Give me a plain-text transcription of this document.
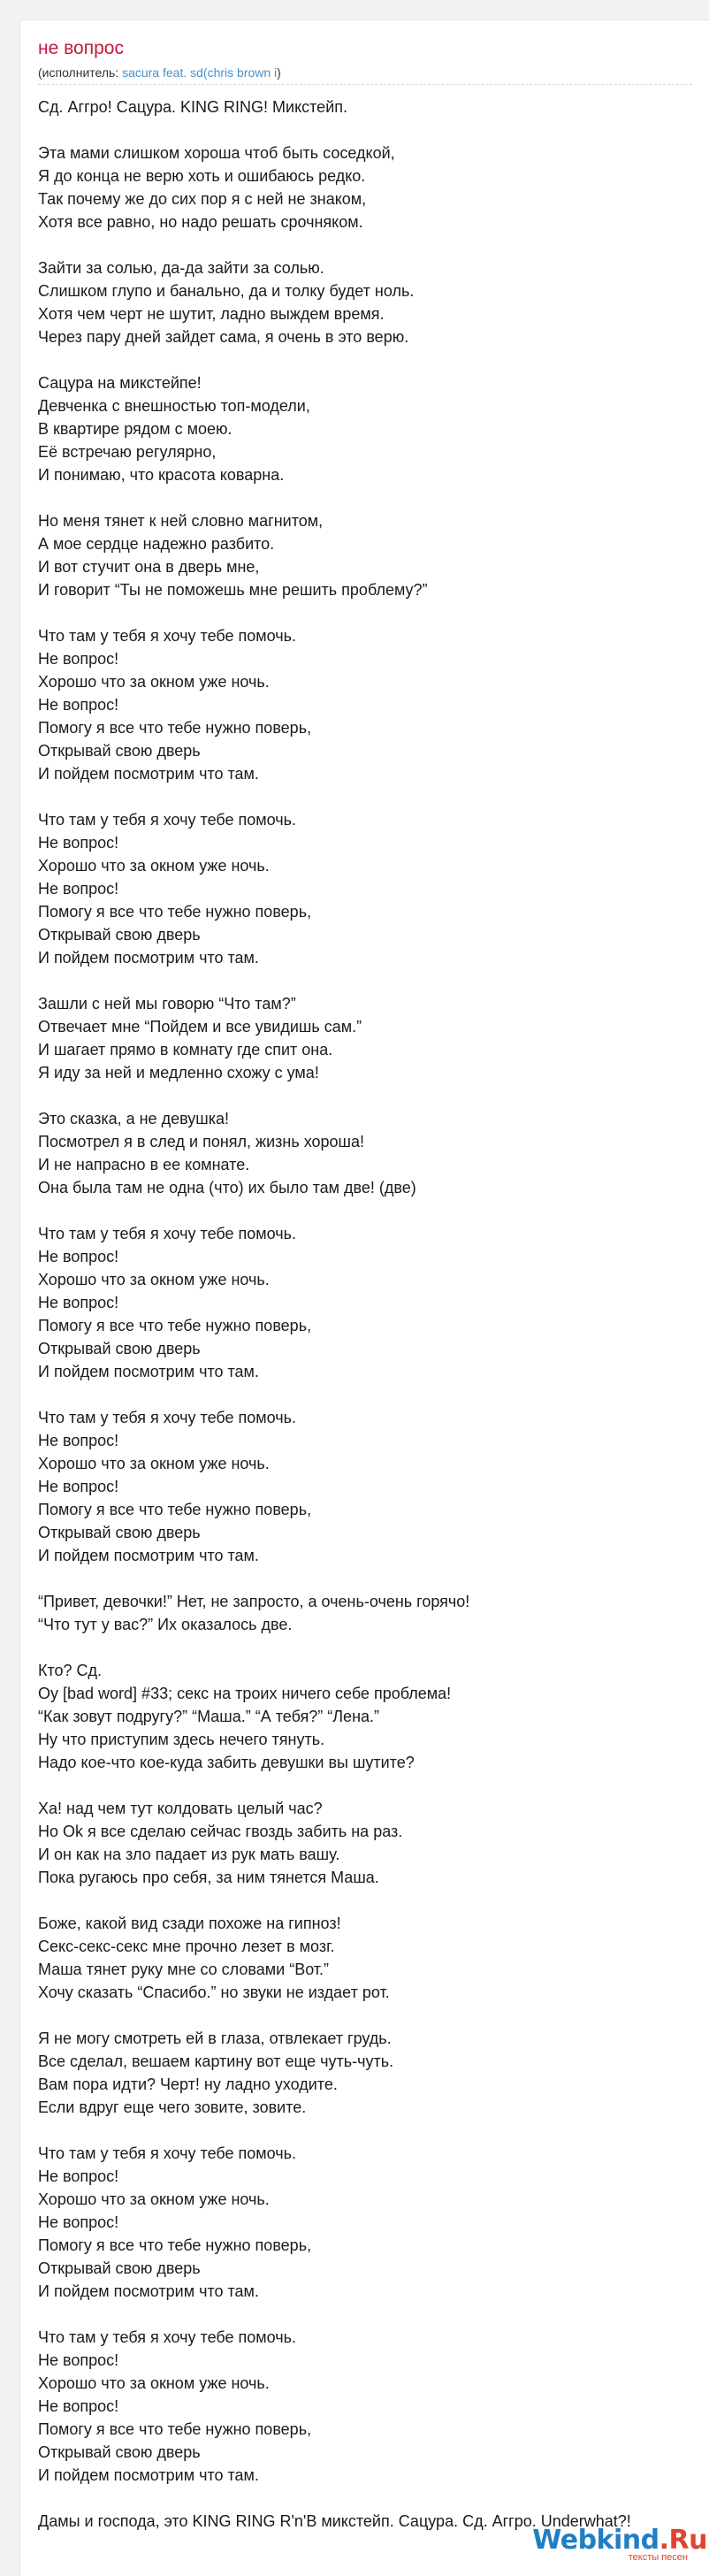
не вопрос
(исполнитель: sacura feat. sd(chris brown i)
Сд. Аггро! Сацура. KING RING! Микстейп.
Эта мами слишком хороша чтоб быть соседкой,
Я до конца не верю хоть и ошибаюсь редко.
Так почему же до сих пор я с ней не знаком,
Хотя все равно, но надо решать срочняком.
Зайти за солью, да-да зайти за солью.
Слишком глупо и банально, да и толку будет ноль.
Хотя чем черт не шутит, ладно выждем время.
Через пару дней зайдет сама, я очень в это верю.
Сацура на микстейпе!
Девченка с внешностью топ-модели,
В квартире рядом с моею.
Её встречаю регулярно,
И понимаю, что красота коварна.
Но меня тянет к ней словно магнитом,
А мое сердце надежно разбито.
И вот стучит она в дверь мне,
И говорит “Ты не поможешь мне решить проблему?”
Что там у тебя я хочу тебе помочь.
Не вопрос!
Хорошо что за окном уже ночь.
Не вопрос!
Помогу я все что тебе нужно поверь,
Открывай свою дверь
И пойдем посмотрим что там.
Что там у тебя я хочу тебе помочь.
Не вопрос!
Хорошо что за окном уже ночь.
Не вопрос!
Помогу я все что тебе нужно поверь,
Открывай свою дверь
И пойдем посмотрим что там.
Зашли с ней мы говорю “Что там?”
Отвечает мне “Пойдем и все увидишь сам.”
И шагает прямо в комнату где спит она.
Я иду за ней и медленно схожу с ума!
Это сказка, а не девушка!
Посмотрел я в след и понял, жизнь хороша!
И не напрасно в ее комнате.
Она была там не одна (что) их было там две! (две)
Что там у тебя я хочу тебе помочь.
Не вопрос!
Хорошо что за окном уже ночь.
Не вопрос!
Помогу я все что тебе нужно поверь,
Открывай свою дверь
И пойдем посмотрим что там.
Что там у тебя я хочу тебе помочь.
Не вопрос!
Хорошо что за окном уже ночь.
Не вопрос!
Помогу я все что тебе нужно поверь,
Открывай свою дверь
И пойдем посмотрим что там.
“Привет, девочки!” Нет, не запросто, а очень-очень горячо!
“Что тут у вас?” Их оказалось две.
Кто? Сд.
Оу [bad word] #33; секс на троих ничего себе проблема!
“Как зовут подругу?” “Маша.” “А тебя?” “Лена.”
Ну что приступим здесь нечего тянуть.
Надо кое-что кое-куда забить девушки вы шутите?
Ха! над чем тут колдовать целый час?
Но Ok я все сделаю сейчас гвоздь забить на раз.
И он как на зло падает из рук мать вашу.
Пока ругаюсь про себя, за ним тянется Маша.
Боже, какой вид сзади похоже на гипноз!
Секс-секс-секс мне прочно лезет в мозг.
Маша тянет руку мне со словами “Вот.”
Хочу сказать “Спасибо.” но звуки не издает рот.
Я не могу смотреть ей в глаза, отвлекает грудь.
Все сделал, вешаем картину вот еще чуть-чуть.
Вам пора идти? Черт! ну ладно уходите.
Если вдруг еще чего зовите, зовите.
Что там у тебя я хочу тебе помочь.
Не вопрос!
Хорошо что за окном уже ночь.
Не вопрос!
Помогу я все что тебе нужно поверь,
Открывай свою дверь
И пойдем посмотрим что там.
Что там у тебя я хочу тебе помочь.
Не вопрос!
Хорошо что за окном уже ночь.
Не вопрос!
Помогу я все что тебе нужно поверь,
Открывай свою дверь
И пойдем посмотрим что там.
Дамы и господа, это KING RING R'n'B микстейп. Сацура. Сд. Аггро. Underwhat?!
Webkind.Ru
тексты песен
